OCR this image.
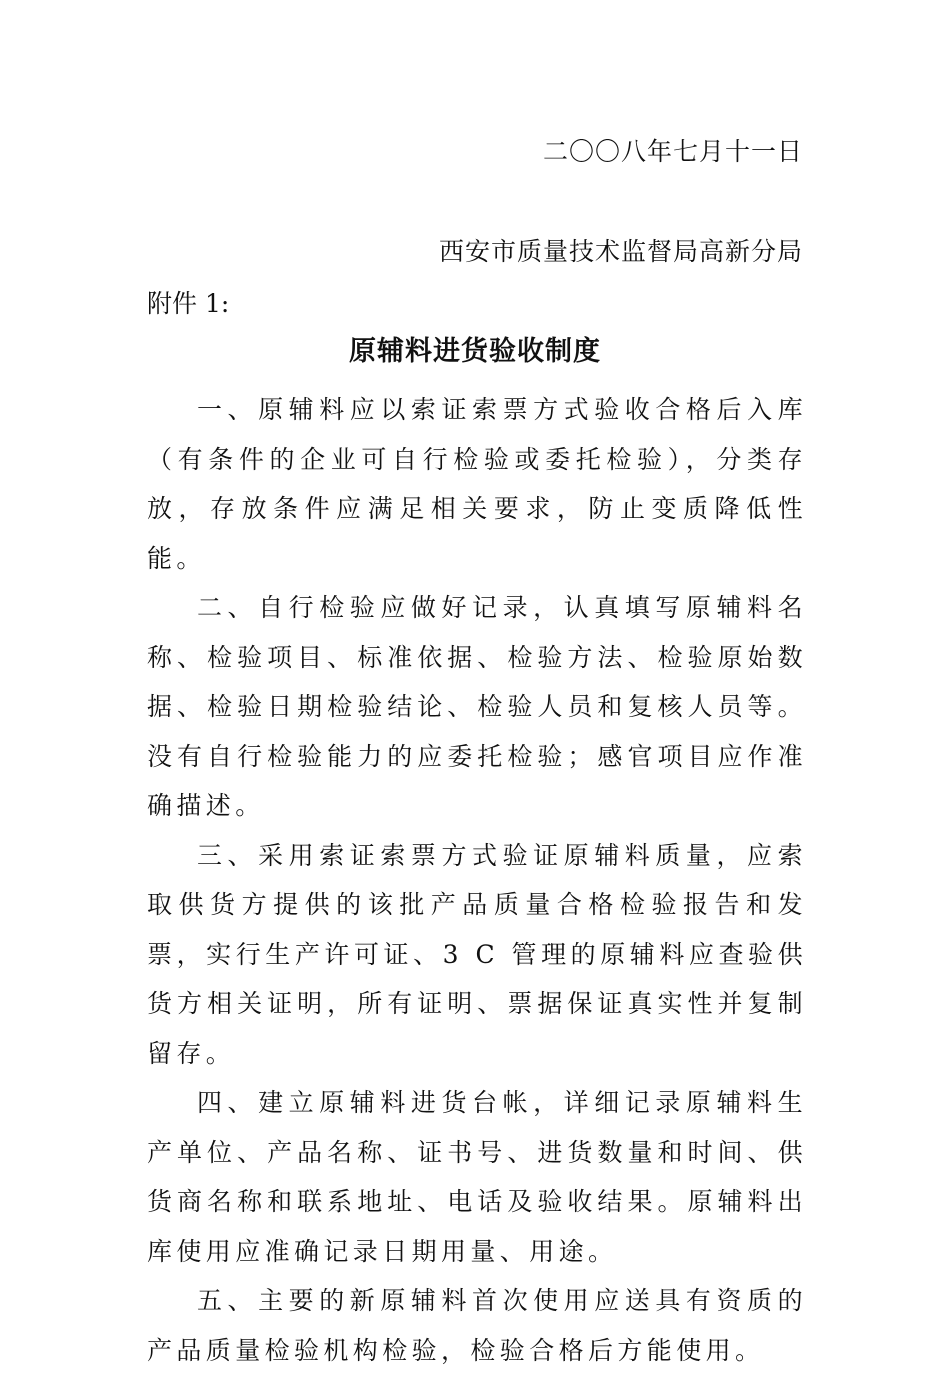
二〇〇八年七月十一日
西安市质量技术监督局高新分局
附件 1:
原辅料进货验收制度

一、原辅料应以索证索票方式验收合格后入库（有条件的企业可自行检验或委托检验），分类存放，存放条件应满足相关要求，防止变质降低性能。

二、自行检验应做好记录，认真填写原辅料名称、检验项目、标准依据、检验方法、检验原始数据、检验日期检验结论、检验人员和复核人员等。没有自行检验能力的应委托检验；感官项目应作准确描述。

三、采用索证索票方式验证原辅料质量，应索取供货方提供的该批产品质量合格检验报告和发票，实行生产许可证、3 C 管理的原辅料应查验供货方相关证明，所有证明、票据保证真实性并复制留存。

四、建立原辅料进货台帐，详细记录原辅料生产单位、产品名称、证书号、进货数量和时间、供货商名称和联系地址、电话及验收结果。原辅料出库使用应准确记录日期用量、用途。

五、主要的新原辅料首次使用应送具有资质的产品质量检验机构检验，检验合格后方能使用。
